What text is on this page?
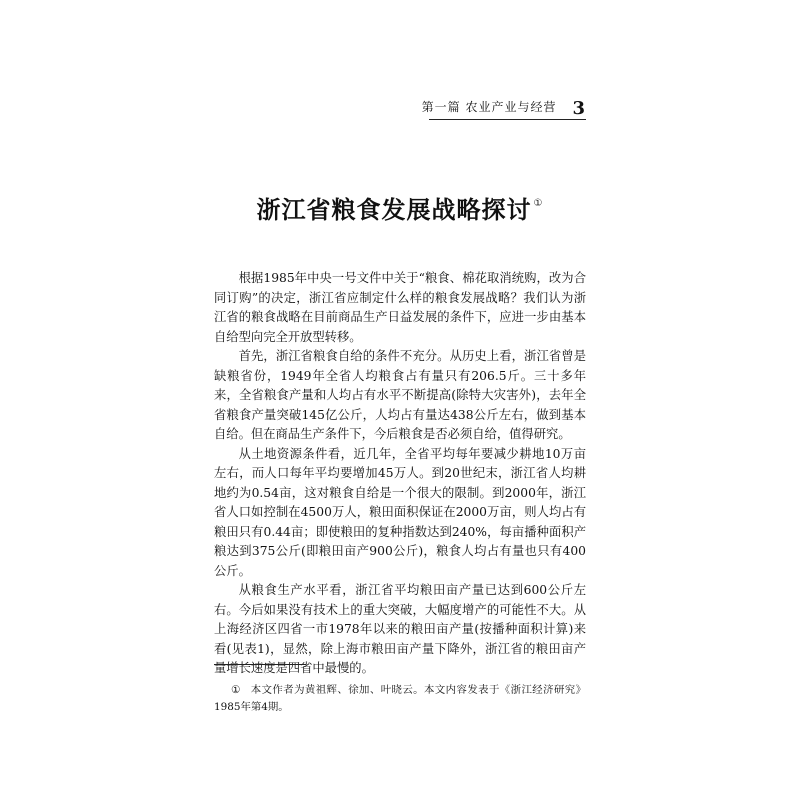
第一篇 农业产业与经营 3
浙江省粮食发展战略探讨 ①

根据1985年中央一号文件中关于“粮食、棉花取消统购，改为合同订购”的决定，浙江省应制定什么样的粮食发展战略？我们认为浙江省的粮食战略在目前商品生产日益发展的条件下，应进一步由基本自给型向完全开放型转移。

首先，浙江省粮食自给的条件不充分。从历史上看，浙江省曾是缺粮省份，1949年全省人均粮食占有量只有206.5斤。三十多年来，全省粮食产量和人均占有水平不断提高(除特大灾害外)，去年全省粮食产量突破145亿公斤，人均占有量达438公斤左右，做到基本自给。但在商品生产条件下，今后粮食是否必须自给，值得研究。

从土地资源条件看，近几年，全省平均每年要减少耕地10万亩左右，而人口每年平均要增加45万人。到20世纪末，浙江省人均耕地约为0.54亩，这对粮食自给是一个很大的限制。到2000年，浙江省人口如控制在4500万人，粮田面积保证在2000万亩，则人均占有粮田只有0.44亩；即使粮田的复种指数达到240%，每亩播种面积产粮达到375公斤(即粮田亩产900公斤)，粮食人均占有量也只有400公斤。

从粮食生产水平看，浙江省平均粮田亩产量已达到600公斤左右。今后如果没有技术上的重大突破，大幅度增产的可能性不大。从上海经济区四省一市1978年以来的粮田亩产量(按播种面积计算)来看(见表1)，显然，除上海市粮田亩产量下降外，浙江省的粮田亩产量增长速度是四省中最慢的。

① 本文作者为黄祖辉、徐加、叶晓云。本文内容发表于《浙江经济研究》1985年第4期。
